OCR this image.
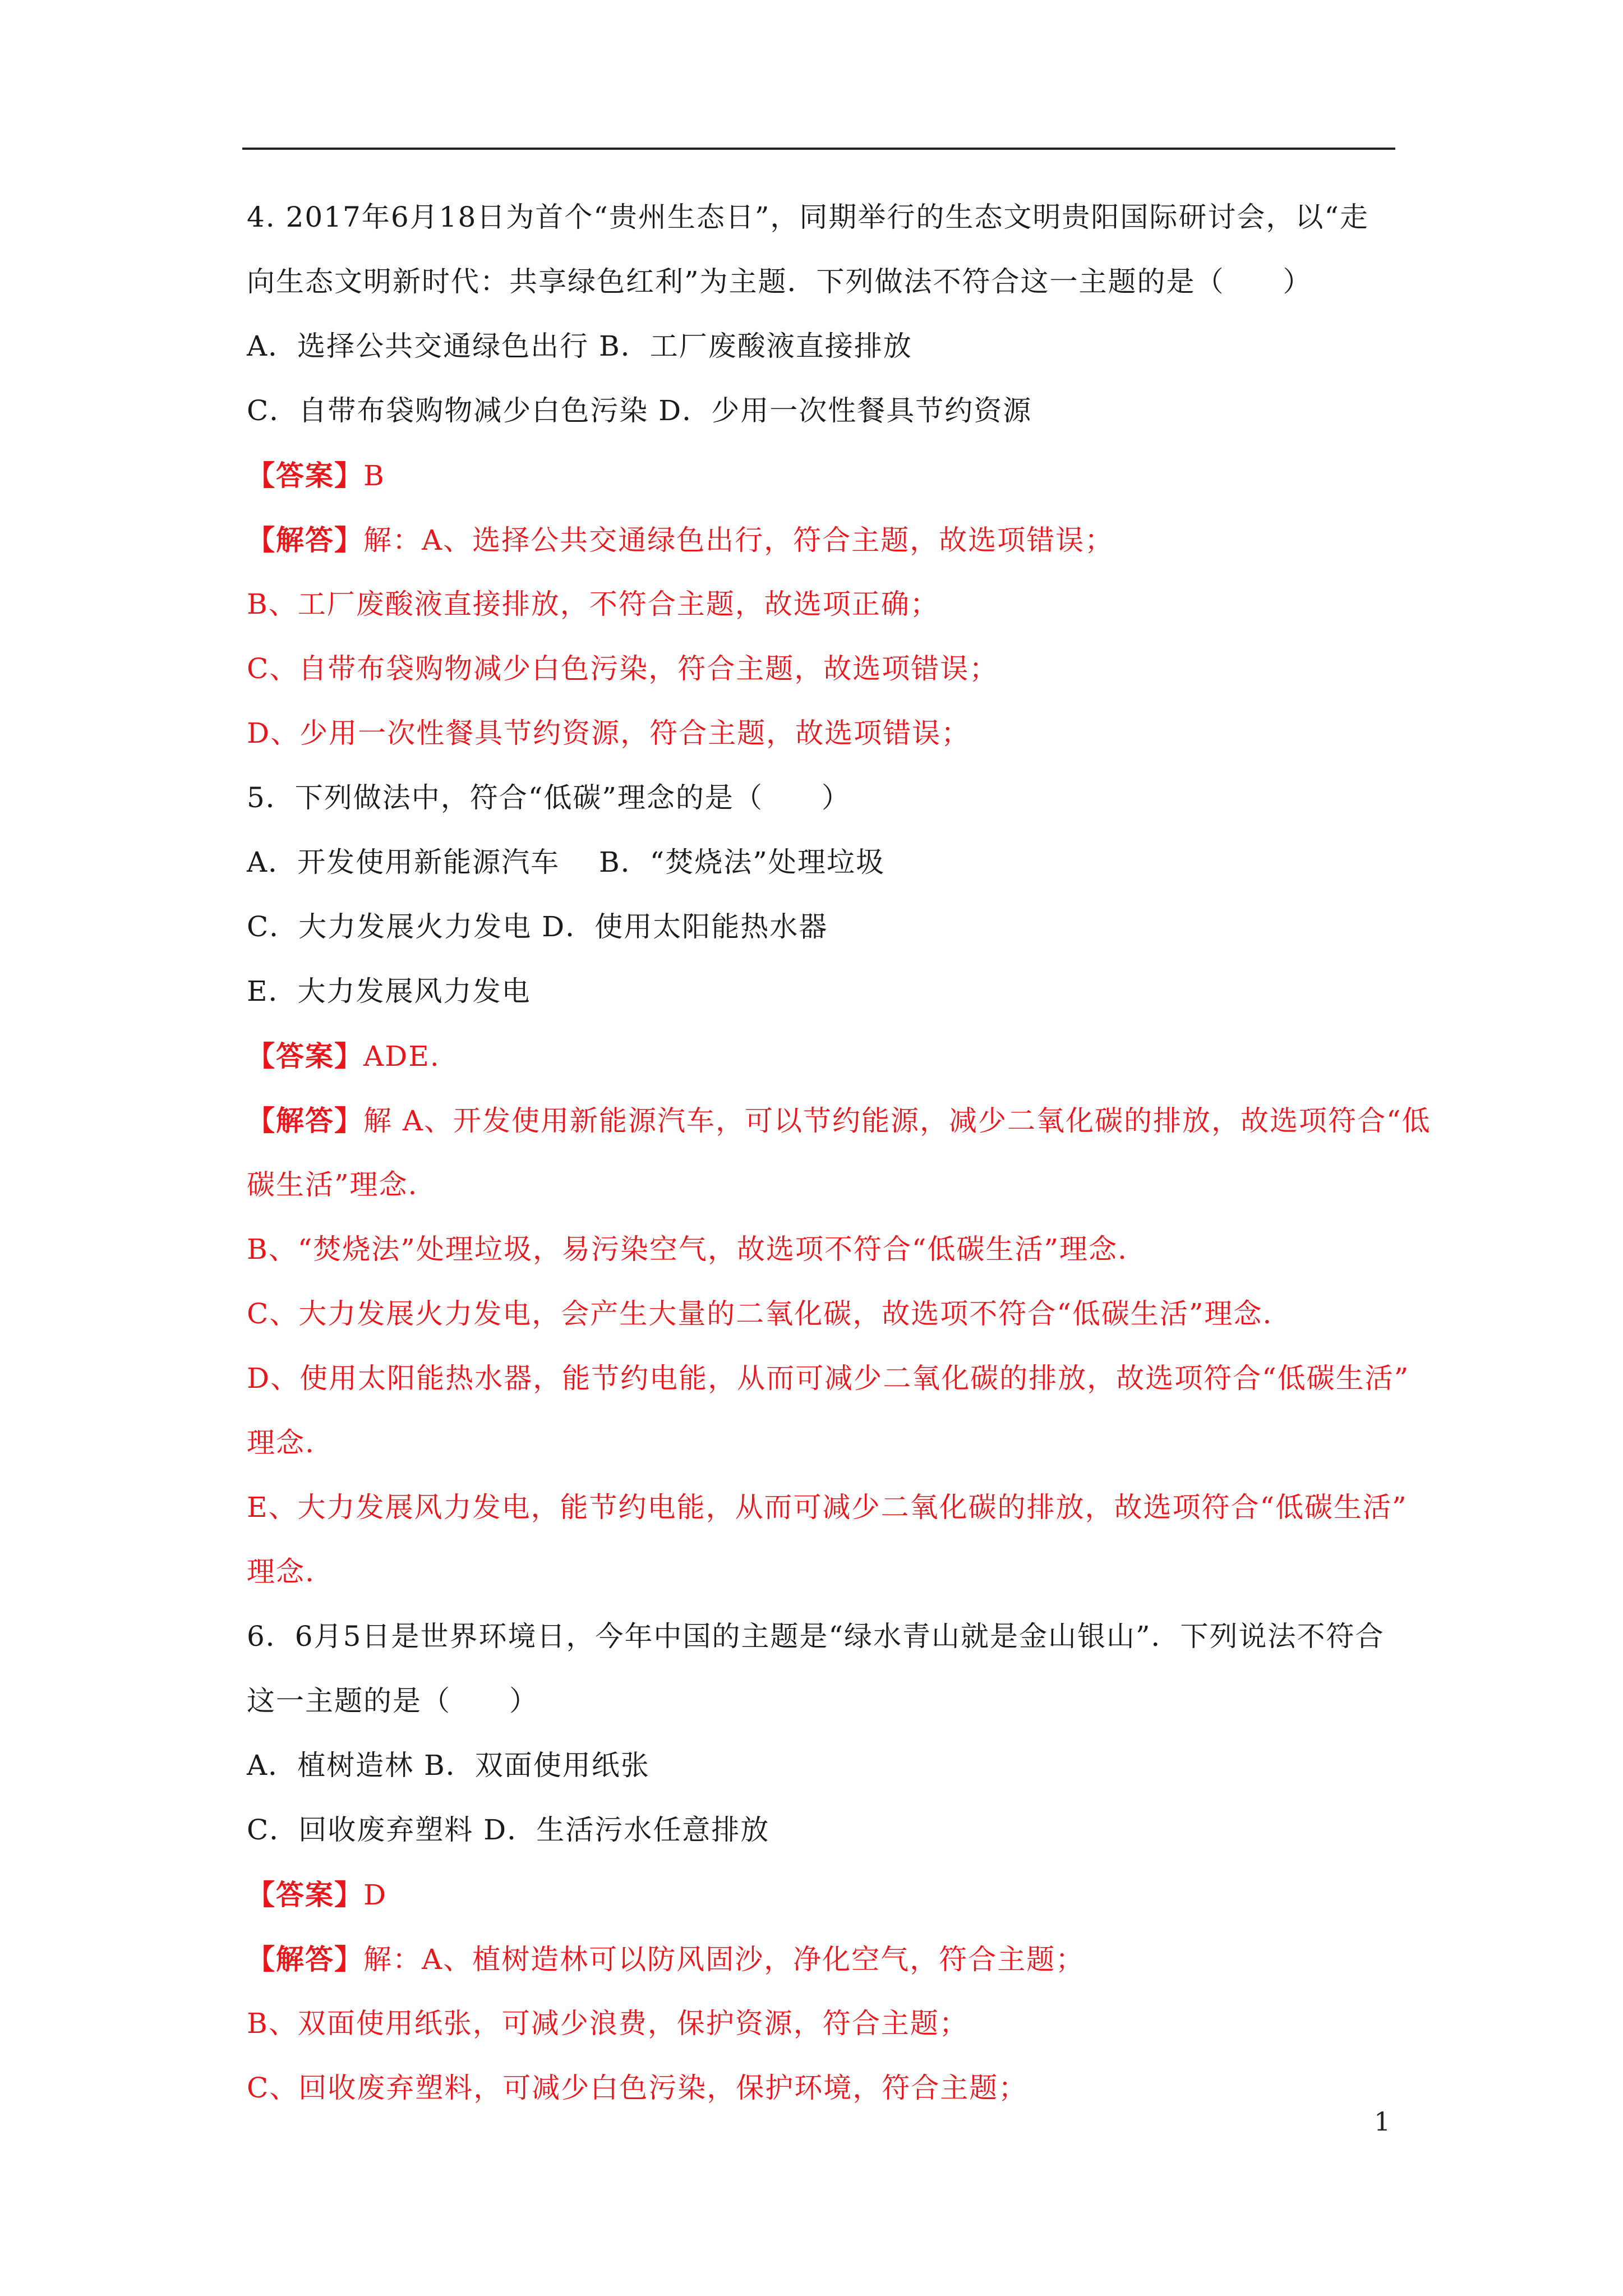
4. 2017年6月18日为首个“贵州生态日”，同期举行的生态文明贵阳国际研讨会，以“走
向生态文明新时代：共享绿色红利”为主题．下列做法不符合这一主题的是（　　）
A．选择公共交通绿色出行 B．工厂废酸液直接排放
C．自带布袋购物减少白色污染 D．少用一次性餐具节约资源
【答案】B
【解答】解：A、选择公共交通绿色出行，符合主题，故选项错误；
B、工厂废酸液直接排放，不符合主题，故选项正确；
C、自带布袋购物减少白色污染，符合主题，故选项错误；
D、少用一次性餐具节约资源，符合主题，故选项错误；
5．下列做法中，符合“低碳”理念的是（　　）
A．开发使用新能源汽车　 B．“焚烧法”处理垃圾
C．大力发展火力发电 D．使用太阳能热水器
E．大力发展风力发电
【答案】ADE.
【解答】解 A、开发使用新能源汽车，可以节约能源，减少二氧化碳的排放，故选项符合“低
碳生活”理念.
B、“焚烧法”处理垃圾，易污染空气，故选项不符合“低碳生活”理念.
C、大力发展火力发电，会产生大量的二氧化碳，故选项不符合“低碳生活”理念.
D、使用太阳能热水器，能节约电能，从而可减少二氧化碳的排放，故选项符合“低碳生活”
理念.
E、大力发展风力发电，能节约电能，从而可减少二氧化碳的排放，故选项符合“低碳生活”
理念.
6．6月5日是世界环境日，今年中国的主题是“绿水青山就是金山银山”．下列说法不符合
这一主题的是（　　）
A．植树造林 B．双面使用纸张
C．回收废弃塑料 D．生活污水任意排放
【答案】D
【解答】解：A、植树造林可以防风固沙，净化空气，符合主题；
B、双面使用纸张，可减少浪费，保护资源，符合主题；
C、回收废弃塑料，可减少白色污染，保护环境，符合主题；
1
